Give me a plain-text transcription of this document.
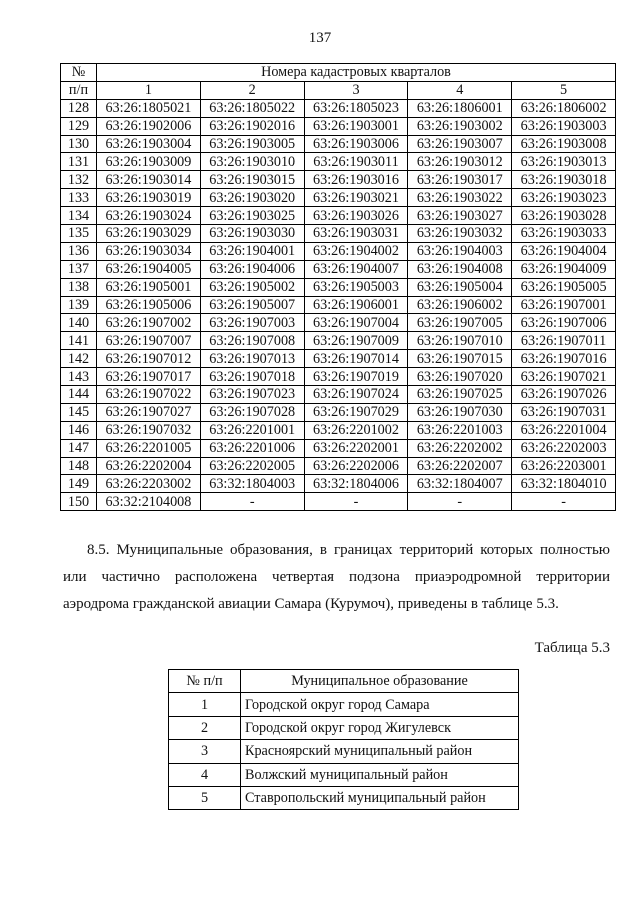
137
№	Номера кадастровых кварталов				
п/п	1	2	3	4	5
128	63:26:1805021	63:26:1805022	63:26:1805023	63:26:1806001	63:26:1806002
129	63:26:1902006	63:26:1902016	63:26:1903001	63:26:1903002	63:26:1903003
130	63:26:1903004	63:26:1903005	63:26:1903006	63:26:1903007	63:26:1903008
131	63:26:1903009	63:26:1903010	63:26:1903011	63:26:1903012	63:26:1903013
132	63:26:1903014	63:26:1903015	63:26:1903016	63:26:1903017	63:26:1903018
133	63:26:1903019	63:26:1903020	63:26:1903021	63:26:1903022	63:26:1903023
134	63:26:1903024	63:26:1903025	63:26:1903026	63:26:1903027	63:26:1903028
135	63:26:1903029	63:26:1903030	63:26:1903031	63:26:1903032	63:26:1903033
136	63:26:1903034	63:26:1904001	63:26:1904002	63:26:1904003	63:26:1904004
137	63:26:1904005	63:26:1904006	63:26:1904007	63:26:1904008	63:26:1904009
138	63:26:1905001	63:26:1905002	63:26:1905003	63:26:1905004	63:26:1905005
139	63:26:1905006	63:26:1905007	63:26:1906001	63:26:1906002	63:26:1907001
140	63:26:1907002	63:26:1907003	63:26:1907004	63:26:1907005	63:26:1907006
141	63:26:1907007	63:26:1907008	63:26:1907009	63:26:1907010	63:26:1907011
142	63:26:1907012	63:26:1907013	63:26:1907014	63:26:1907015	63:26:1907016
143	63:26:1907017	63:26:1907018	63:26:1907019	63:26:1907020	63:26:1907021
144	63:26:1907022	63:26:1907023	63:26:1907024	63:26:1907025	63:26:1907026
145	63:26:1907027	63:26:1907028	63:26:1907029	63:26:1907030	63:26:1907031
146	63:26:1907032	63:26:2201001	63:26:2201002	63:26:2201003	63:26:2201004
147	63:26:2201005	63:26:2201006	63:26:2202001	63:26:2202002	63:26:2202003
148	63:26:2202004	63:26:2202005	63:26:2202006	63:26:2202007	63:26:2203001
149	63:26:2203002	63:32:1804003	63:32:1804006	63:32:1804007	63:32:1804010
150	63:32:2104008	-	-	-	-
8.5. Муниципальные образования, в границах территорий которых полностью
или частично расположена четвертая подзона приаэродромной территории
аэродрома гражданской авиации Самара (Курумоч), приведены в таблице 5.3.
Таблица 5.3
№ п/п	Муниципальное образование
1	Городской округ город Самара
2	Городской округ город Жигулевск
3	Красноярский муниципальный район
4	Волжский муниципальный район
5	Ставропольский муниципальный район
